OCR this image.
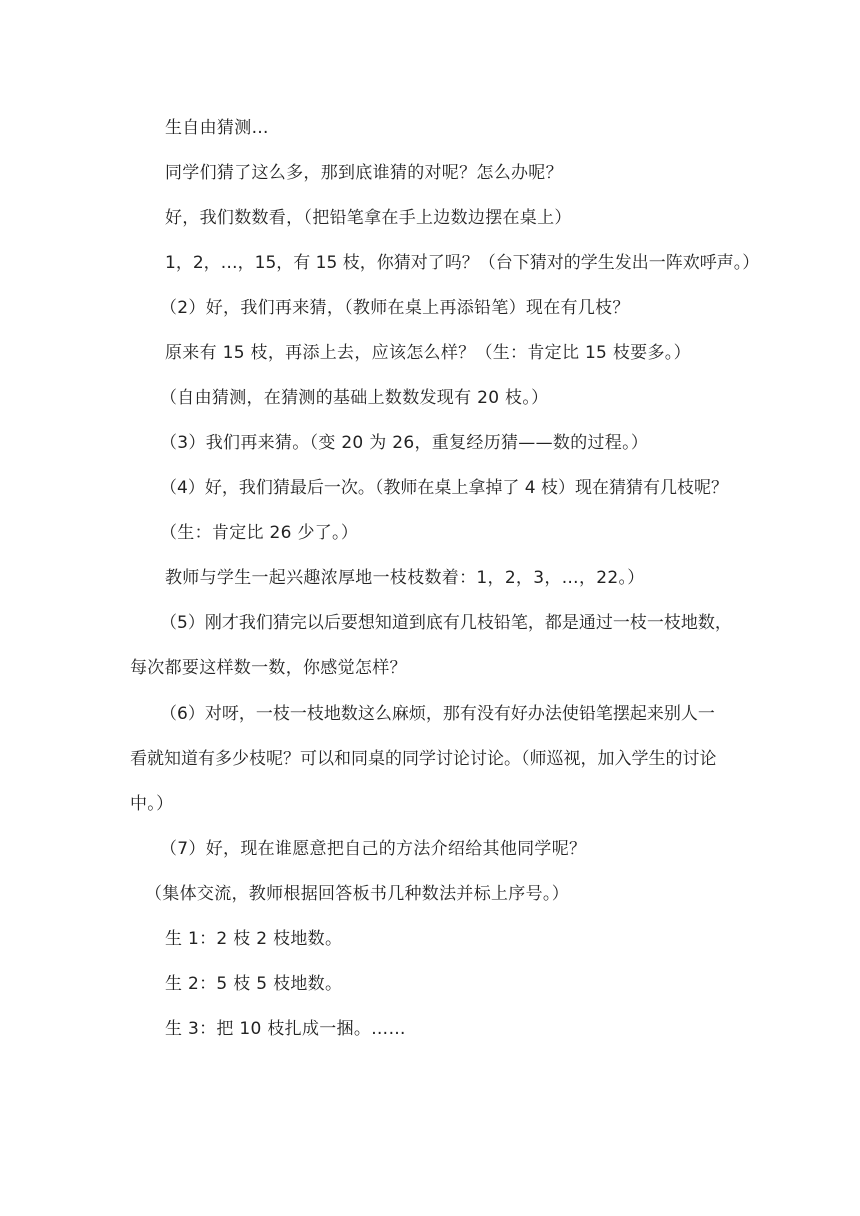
生自由猜测…
同学们猜了这么多，那到底谁猜的对呢？怎么办呢？
好，我们数数看，（把铅笔拿在手上边数边摆在桌上）
1，2，…，15，有 15 枝，你猜对了吗？（台下猜对的学生发出一阵欢呼声。）
（2）好，我们再来猜，（教师在桌上再添铅笔）现在有几枝？
原来有 15 枝，再添上去，应该怎么样？（生：肯定比 15 枝要多。）
（自由猜测，在猜测的基础上数数发现有 20 枝。）
（3）我们再来猜。（变 20 为 26，重复经历猜——数的过程。）
（4）好，我们猜最后一次。（教师在桌上拿掉了 4 枝）现在猜猜有几枝呢？
（生：肯定比 26 少了。）
教师与学生一起兴趣浓厚地一枝枝数着：1，2，3，…，22。）
（5）刚才我们猜完以后要想知道到底有几枝铅笔，都是通过一枝一枝地数，
每次都要这样数一数，你感觉怎样？
（6）对呀，一枝一枝地数这么麻烦，那有没有好办法使铅笔摆起来别人一
看就知道有多少枝呢？可以和同桌的同学讨论讨论。（师巡视，加入学生的讨论
中。）
（7）好，现在谁愿意把自己的方法介绍给其他同学呢？
（集体交流，教师根据回答板书几种数法并标上序号。）
生 1：2 枝 2 枝地数。
生 2：5 枝 5 枝地数。
生 3：把 10 枝扎成一捆。……
